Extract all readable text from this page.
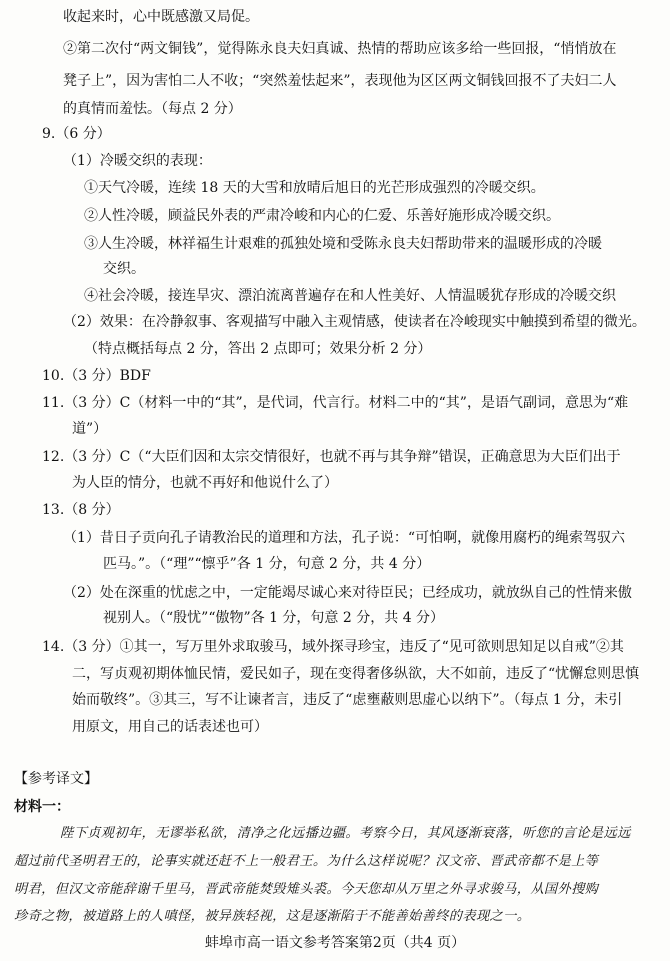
收起来时，心中既感激又局促。
②第二次付“两文铜钱”，觉得陈永良夫妇真诚、热情的帮助应该多给一些回报，“悄悄放在
凳子上”，因为害怕二人不收；“突然羞怯起来”，表现他为区区两文铜钱回报不了夫妇二人
的真情而羞怯。（每点 2 分）
9.（6 分）
（1）冷暖交织的表现：
①天气冷暖，连续 18 天的大雪和放晴后旭日的光芒形成强烈的冷暖交织。
②人性冷暖，顾益民外表的严肃冷峻和内心的仁爱、乐善好施形成冷暖交织。
③人生冷暖，林祥福生计艰难的孤独处境和受陈永良夫妇帮助带来的温暖形成的冷暖
交织。
④社会冷暖，接连旱灾、漂泊流离普遍存在和人性美好、人情温暖犹存形成的冷暖交织
（2）效果：在冷静叙事、客观描写中融入主观情感，使读者在冷峻现实中触摸到希望的微光。
（特点概括每点 2 分，答出 2 点即可；效果分析 2 分）
10.（3 分）BDF
11.（3 分）C（材料一中的“其”，是代词，代言行。材料二中的“其”，是语气副词，意思为“难
道”）
12.（3 分）C（“大臣们因和太宗交情很好，也就不再与其争辩”错误，正确意思为大臣们出于
为人臣的情分，也就不再好和他说什么了）
13.（8 分）
（1）昔日子贡向孔子请教治民的道理和方法，孔子说：“可怕啊，就像用腐朽的绳索驾驭六
匹马。”。（“理”“懔乎”各 1 分，句意 2 分，共 4 分）
（2）处在深重的忧虑之中，一定能竭尽诚心来对待臣民；已经成功，就放纵自己的性情来傲
视别人。（“殷忧”“傲物”各 1 分，句意 2 分，共 4 分）
14.（3 分）①其一，写万里外求取骏马，域外探寻珍宝，违反了“见可欲则思知足以自戒”②其
二，写贞观初期体恤民情，爱民如子，现在变得奢侈纵欲，大不如前，违反了“忧懈怠则思慎
始而敬终”。③其三，写不让谏者言，违反了“虑壅蔽则思虚心以纳下”。（每点 1 分，未引
用原文，用自己的话表述也可）
【参考译文】
材料一：
陛下贞观初年，无谬举私欲，清净之化远播边疆。考察今日，其风逐渐衰落，听您的言论是远远
超过前代圣明君王的，论事实就还赶不上一般君王。为什么这样说呢？汉文帝、晋武帝都不是上等
明君，但汉文帝能辞谢千里马，晋武帝能焚毁雉头裘。今天您却从万里之外寻求骏马，从国外搜购
珍奇之物，被道路上的人嗔怪，被异族轻视，这是逐渐陷于不能善始善终的表现之一。
蚌埠市高一语文参考答案第2页（共4 页）
